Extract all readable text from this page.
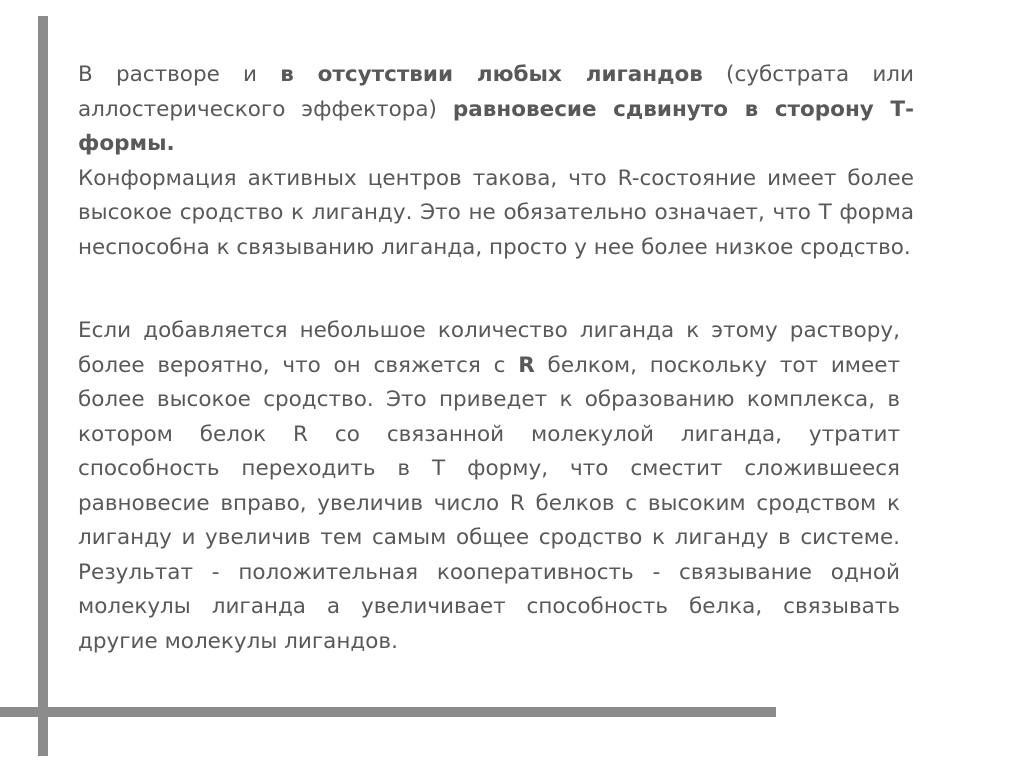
В растворе и в отсутствии любых лигандов (субстрата или аллостерического эффектора) равновесие сдвинуто в сторону Т-формы.

Конформация активных центров такова, что R-состояние имеет более высокое сродство к лиганду. Это не обязательно означает, что Т форма неспособна к связыванию лиганда, просто у нее более низкое сродство.

Если добавляется небольшое количество лиганда к этому раствору, более вероятно, что он свяжется с R белком, поскольку тот имеет более высокое сродство. Это приведет к образованию комплекса, в котором белок R со связанной молекулой лиганда, утратит способность переходить в Т форму, что сместит сложившееся равновесие вправо, увеличив число R белков с высоким сродством к лиганду и увеличив тем самым общее сродство к лиганду в системе. Результат - положительная кооперативность - связывание одной молекулы лиганда а увеличивает способность белка, связывать другие молекулы лигандов.
